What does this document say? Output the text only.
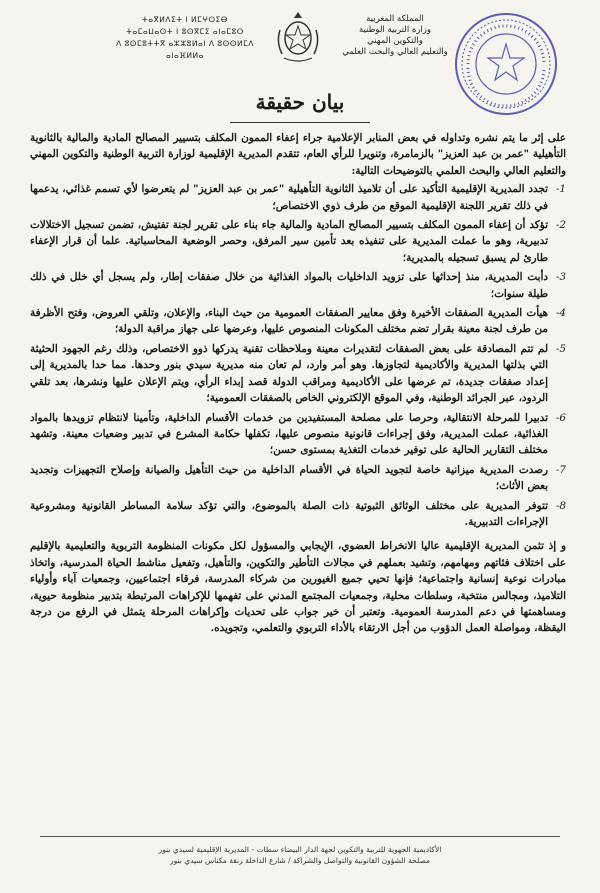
ⵜⴰⴳⵍⴷⵉⵜ ⵏ ⵍⵎⵖⵔⵉⴱ
ⵜⴰⵎⴰⵡⴰⵙⵜ ⵏ ⵓⵙⴳⵎⵉ ⴰⵏⴰⵎⵓⵔ
ⴷ ⵓⵙⵎⵓⵜⵜⴳ ⴰⵣⵣⵓⵍⴰⵏ ⴷ ⵓⵙⵙⵍⵎⴷ ⴰⵏⴰⴼⵍⵍⴰ
المملكة المغربية
وزارة التربية الوطنية
والتكوين المهني
والتعليم العالي والبحث العلمي
بيان حقيقة

على إثر ما يتم نشره وتداوله في بعض المنابر الإعلامية جراء إعفاء الممون المكلف بتسيير المصالح المادية والمالية بالثانوية التأهيلية "عمر بن عبد العزيز" بالزمامرة، وتنويرا للرأي العام، تتقدم المديرية الإقليمية لوزارة التربية الوطنية والتكوين المهني والتعليم العالي والبحث العلمي بالتوضيحات التالية:

1-
تجدد المديرية الإقليمية التأكيد على أن تلاميذ الثانوية التأهيلية "عمر بن عبد العزيز" لم يتعرضوا لأي تسمم غذائي، يدعمها في ذلك تقرير اللجنة الإقليمية الموقع من طرف ذوي الاختصاص؛
2-
تؤكد أن إعفاء الممون المكلف بتسيير المصالح المادية والمالية جاء بناء على تقرير لجنة تفتيش، تضمن تسجيل الاختلالات تدبيرية، وهو ما عملت المديرية على تنفيذه بعد تأمين سير المرفق، وحصر الوضعية المحاسباتية. علما أن قرار الإعفاء طارئ لم يسبق تسجيله بالمديرية؛
3-
دأبت المديرية، منذ إحداثها على تزويد الداخليات بالمواد الغذائية من خلال صفقات إطار، ولم يسجل أي خلل في ذلك طيلة سنوات؛
4-
هيأت المديرية الصفقات الأخيرة وفق معايير الصفقات العمومية من حيث البناء، والإعلان، وتلقي العروض، وفتح الأظرفة من طرف لجنة معينة بقرار تضم مختلف المكونات المنصوص عليها، وعرضها على جهاز مراقبة الدولة؛
5-
لم تتم المصادقة على بعض الصفقات لتقديرات معينة وملاحظات تقنية يدركها ذوو الاختصاص، وذلك رغم الجهود الحثيثة التي بذلتها المديرية والأكاديمية لتجاوزها. وهو أمر وارد، لم تعان منه مديرية سيدي بنور وحدها. مما حدا بالمديرية إلى إعداد صفقات جديدة، تم عرضها على الأكاديمية ومراقب الدولة قصد إبداء الرأي، ويتم الإعلان عليها ونشرها، بعد تلقي الردود، عبر الجرائد الوطنية، وفي الموقع الإلكتروني الخاص بالصفقات العمومية؛
6-
تدبيرا للمرحلة الانتقالية، وحرصا على مصلحة المستفيدين من خدمات الأقسام الداخلية، وتأمينا لانتظام تزويدها بالمواد الغذائية، عملت المديرية، وفق إجراءات قانونية منصوص عليها، تكفلها حكامة المشرع في تدبير وضعيات معينة. وتشهد مختلف التقارير الحالية على توفير خدمات التغذية بمستوى حسن؛
7-
رصدت المديرية ميزانية خاصة لتجويد الحياة في الأقسام الداخلية من حيث التأهيل والصيانة وإصلاح التجهيزات وتجديد بعض الأثاث؛
8-
تتوفر المديرية على مختلف الوثائق الثبوتية ذات الصلة بالموضوع، والتي تؤكد سلامة المساطر القانونية ومشروعية الإجراءات التدبيرية.

و إذ تثمن المديرية الإقليمية عاليا الانخراط العضوي، الإيجابي والمسؤول لكل مكونات المنظومة التربوية والتعليمية بالإقليم على اختلاف فئاتهم ومهامهم، وتشيد بعملهم في مجالات التأطير والتكوين، والتأهيل، وتفعيل مناشط الحياة المدرسية، واتخاذ مبادرات نوعية إنسانية واجتماعية؛ فإنها تحيي جميع الغيورين من شركاء المدرسة، فرقاء اجتماعيين، وجمعيات آباء وأولياء التلاميذ، ومجالس منتخبة، وسلطات محلية، وجمعيات المجتمع المدني على تفهمها للإكراهات المرتبطة بتدبير منظومة حيوية، ومساهمتها في دعم المدرسة العمومية. وتعتبر أن خير جواب على تحديات وإكراهات المرحلة يتمثل في الرفع من درجة اليقظة، ومواصلة العمل الدؤوب من أجل الارتقاء بالأداء التربوي والتعلمي، وتجويده.

الأكاديمية الجهوية للتربية والتكوين لجهة الدار البيضاء سطات - المديرية الإقليمية لسيدي بنور
مصلحة الشؤون القانونية والتواصل والشراكة / شارع الداخلة زنقة مكناس سيدي بنور
